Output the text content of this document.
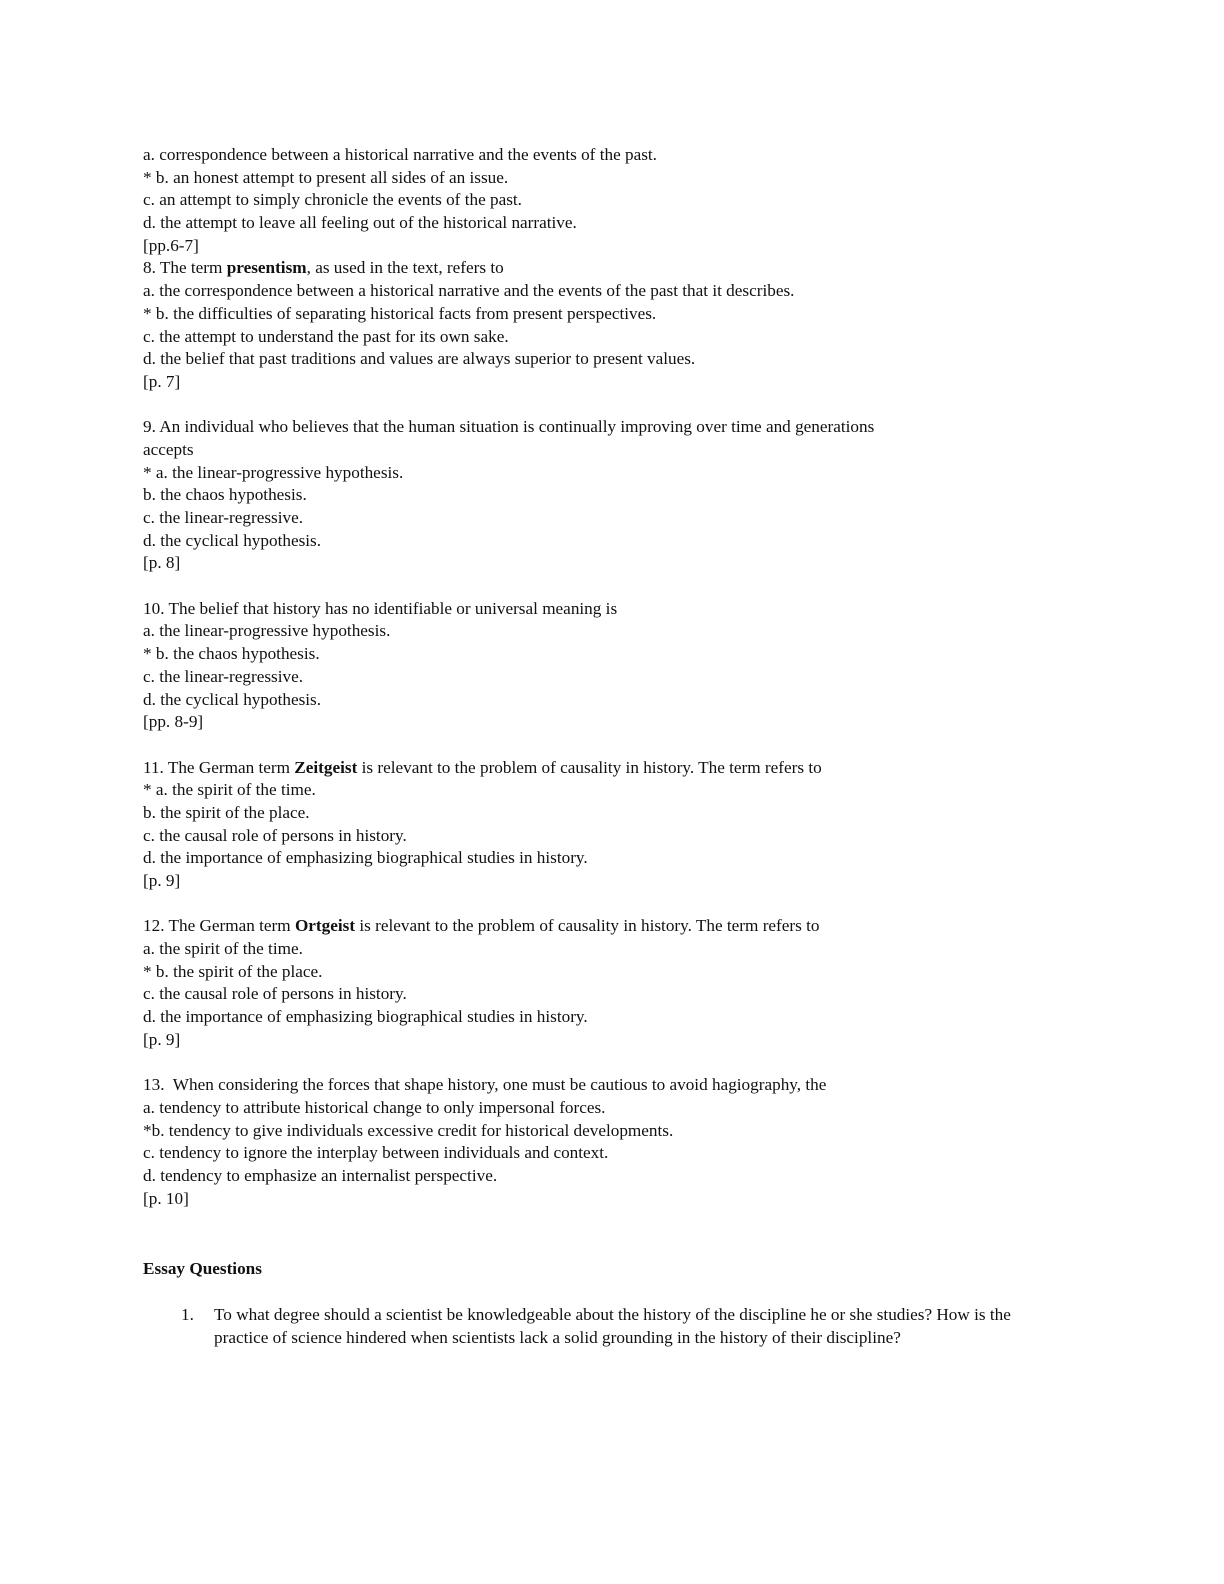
a. correspondence between a historical narrative and the events of the past.
* b. an honest attempt to present all sides of an issue.
c. an attempt to simply chronicle the events of the past.
d. the attempt to leave all feeling out of the historical narrative.
[pp.6-7]
8. The term presentism, as used in the text, refers to
a. the correspondence between a historical narrative and the events of the past that it describes.
* b. the difficulties of separating historical facts from present perspectives.
c. the attempt to understand the past for its own sake.
d. the belief that past traditions and values are always superior to present values.
[p. 7]
9. An individual who believes that the human situation is continually improving over time and generations
accepts
* a. the linear-progressive hypothesis.
b. the chaos hypothesis.
c. the linear-regressive.
d. the cyclical hypothesis.
[p. 8]
10. The belief that history has no identifiable or universal meaning is
a. the linear-progressive hypothesis.
* b. the chaos hypothesis.
c. the linear-regressive.
d. the cyclical hypothesis.
[pp. 8-9]
11. The German term Zeitgeist is relevant to the problem of causality in history. The term refers to
* a. the spirit of the time.
b. the spirit of the place.
c. the causal role of persons in history.
d. the importance of emphasizing biographical studies in history.
[p. 9]
12. The German term Ortgeist is relevant to the problem of causality in history. The term refers to
a. the spirit of the time.
* b. the spirit of the place.
c. the causal role of persons in history.
d. the importance of emphasizing biographical studies in history.
[p. 9]
13.  When considering the forces that shape history, one must be cautious to avoid hagiography, the
a. tendency to attribute historical change to only impersonal forces.
*b. tendency to give individuals excessive credit for historical developments.
c. tendency to ignore the interplay between individuals and context.
d. tendency to emphasize an internalist perspective.
[p. 10]
Essay Questions
1.	To what degree should a scientist be knowledgeable about the history of the discipline he or she studies? How is the practice of science hindered when scientists lack a solid grounding in the history of their discipline?
